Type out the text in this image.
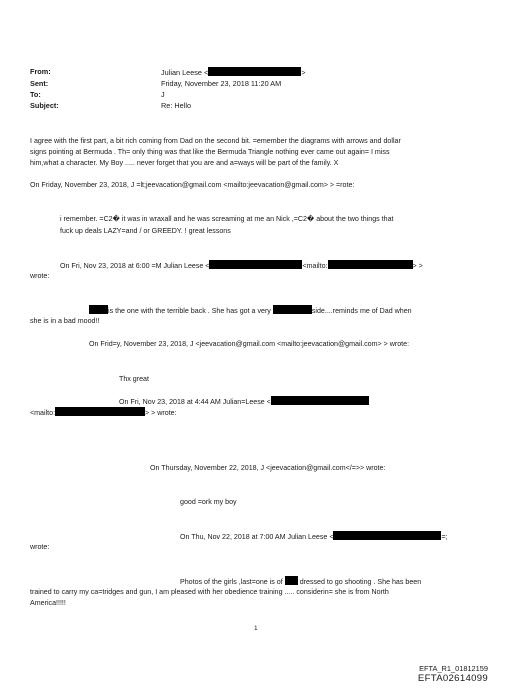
From:	Julian Leese <	>
Sent:	Friday, November 23, 2018 11:20 AM
To:	J
Subject:	Re: Hello
I agree with the first part, a bit rich coming from Dad on the second bit. =emember the diagrams with arrows and dollar
signs pointing at Bermuda . Th= only thing was that like the Bermuda Triangle nothing ever came out again= I miss
him,what a character. My Boy ..... never forget that you are and a=ways will be part of the family. X
On Friday, November 23, 2018, J =lt;jeevacation@gmail.com <mailto:jeevacation@gmail.com> > =rote:
i remember. =C2� it was in wraxall and he was screaming at me an Nick ,=C2� about the two things that
fuck up deals LAZY=and / or GREEDY. ! great lessons
On Fri, Nov 23, 2018 at 6:00 =M Julian Leese <	<mailto:	> >
wrote:
is the one with the terrible back . She has got a very	side....reminds me of Dad when
she is in a bad mood!!
On Frid=y, November 23, 2018, J <jeevacation@gmail.com <mailto:jeevacation@gmail.com> > wrote:
Thx great
On Fri, Nov 23, 2018 at 4:44 AM Julian=Leese <
<mailto:	> > wrote:
On Thursday, November 22, 2018, J <jeevacation@gmail.com</=>> wrote:
good =ork my boy
On Thu, Nov 22, 2018 at 7:00 AM Julian Leese <	=;
wrote:
Photos of the girls ,last=one is of dressed to go shooting . She has been
trained to carry my ca=tridges and gun, I am pleased with her obedience training ..... considerin= she is from North
America!!!!!
1
EFTA_R1_01812159
EFTA02614099
